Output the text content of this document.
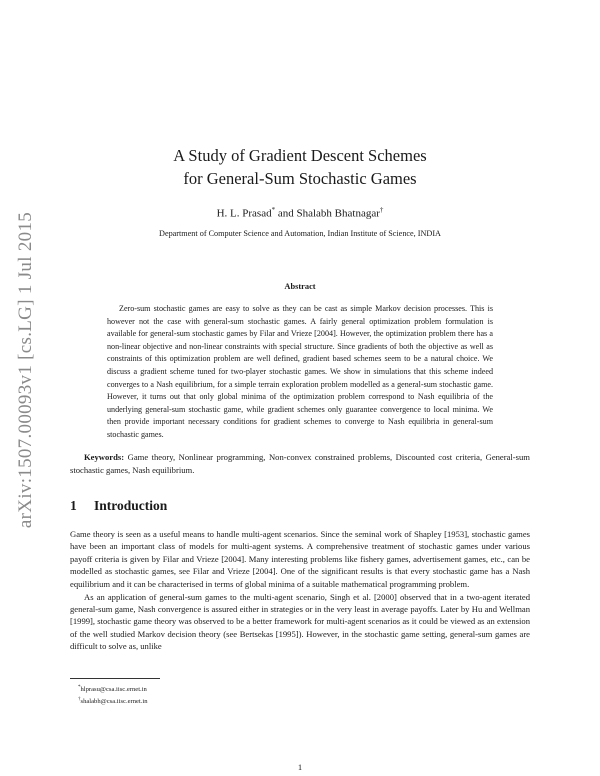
arXiv:1507.00093v1 [cs.LG] 1 Jul 2015
A Study of Gradient Descent Schemes
for General-Sum Stochastic Games
H. L. Prasad* and Shalabh Bhatnagar†
Department of Computer Science and Automation, Indian Institute of Science, INDIA
Abstract
Zero-sum stochastic games are easy to solve as they can be cast as simple Markov decision processes. This is however not the case with general-sum stochastic games. A fairly general optimization problem formulation is available for general-sum stochastic games by Filar and Vrieze [2004]. However, the optimization problem there has a non-linear objective and non-linear constraints with special structure. Since gradients of both the objective as well as constraints of this optimization problem are well defined, gradient based schemes seem to be a natural choice. We discuss a gradient scheme tuned for two-player stochastic games. We show in simulations that this scheme indeed converges to a Nash equilibrium, for a simple terrain exploration problem modelled as a general-sum stochastic game. However, it turns out that only global minima of the optimization problem correspond to Nash equilibria of the underlying general-sum stochastic game, while gradient schemes only guarantee convergence to local minima. We then provide important necessary conditions for gradient schemes to converge to Nash equilibria in general-sum stochastic games.
Keywords: Game theory, Nonlinear programming, Non-convex constrained problems, Discounted cost criteria, General-sum stochastic games, Nash equilibrium.
1 Introduction

Game theory is seen as a useful means to handle multi-agent scenarios. Since the seminal work of Shapley [1953], stochastic games have been an important class of models for multi-agent systems. A comprehensive treatment of stochastic games under various payoff criteria is given by Filar and Vrieze [2004]. Many interesting problems like fishery games, advertisement games, etc., can be modelled as stochastic games, see Filar and Vrieze [2004]. One of the significant results is that every stochastic game has a Nash equilibrium and it can be characterised in terms of global minima of a suitable mathematical programming problem.

As an application of general-sum games to the multi-agent scenario, Singh et al. [2000] observed that in a two-agent iterated general-sum game, Nash convergence is assured either in strategies or in the very least in average payoffs. Later by Hu and Wellman [1999], stochastic game theory was observed to be a better framework for multi-agent scenarios as it could be viewed as an extension of the well studied Markov decision theory (see Bertsekas [1995]). However, in the stochastic game setting, general-sum games are difficult to solve as, unlike

*hlprasu@csa.iisc.ernet.in
†shalabh@csa.iisc.ernet.in
1
